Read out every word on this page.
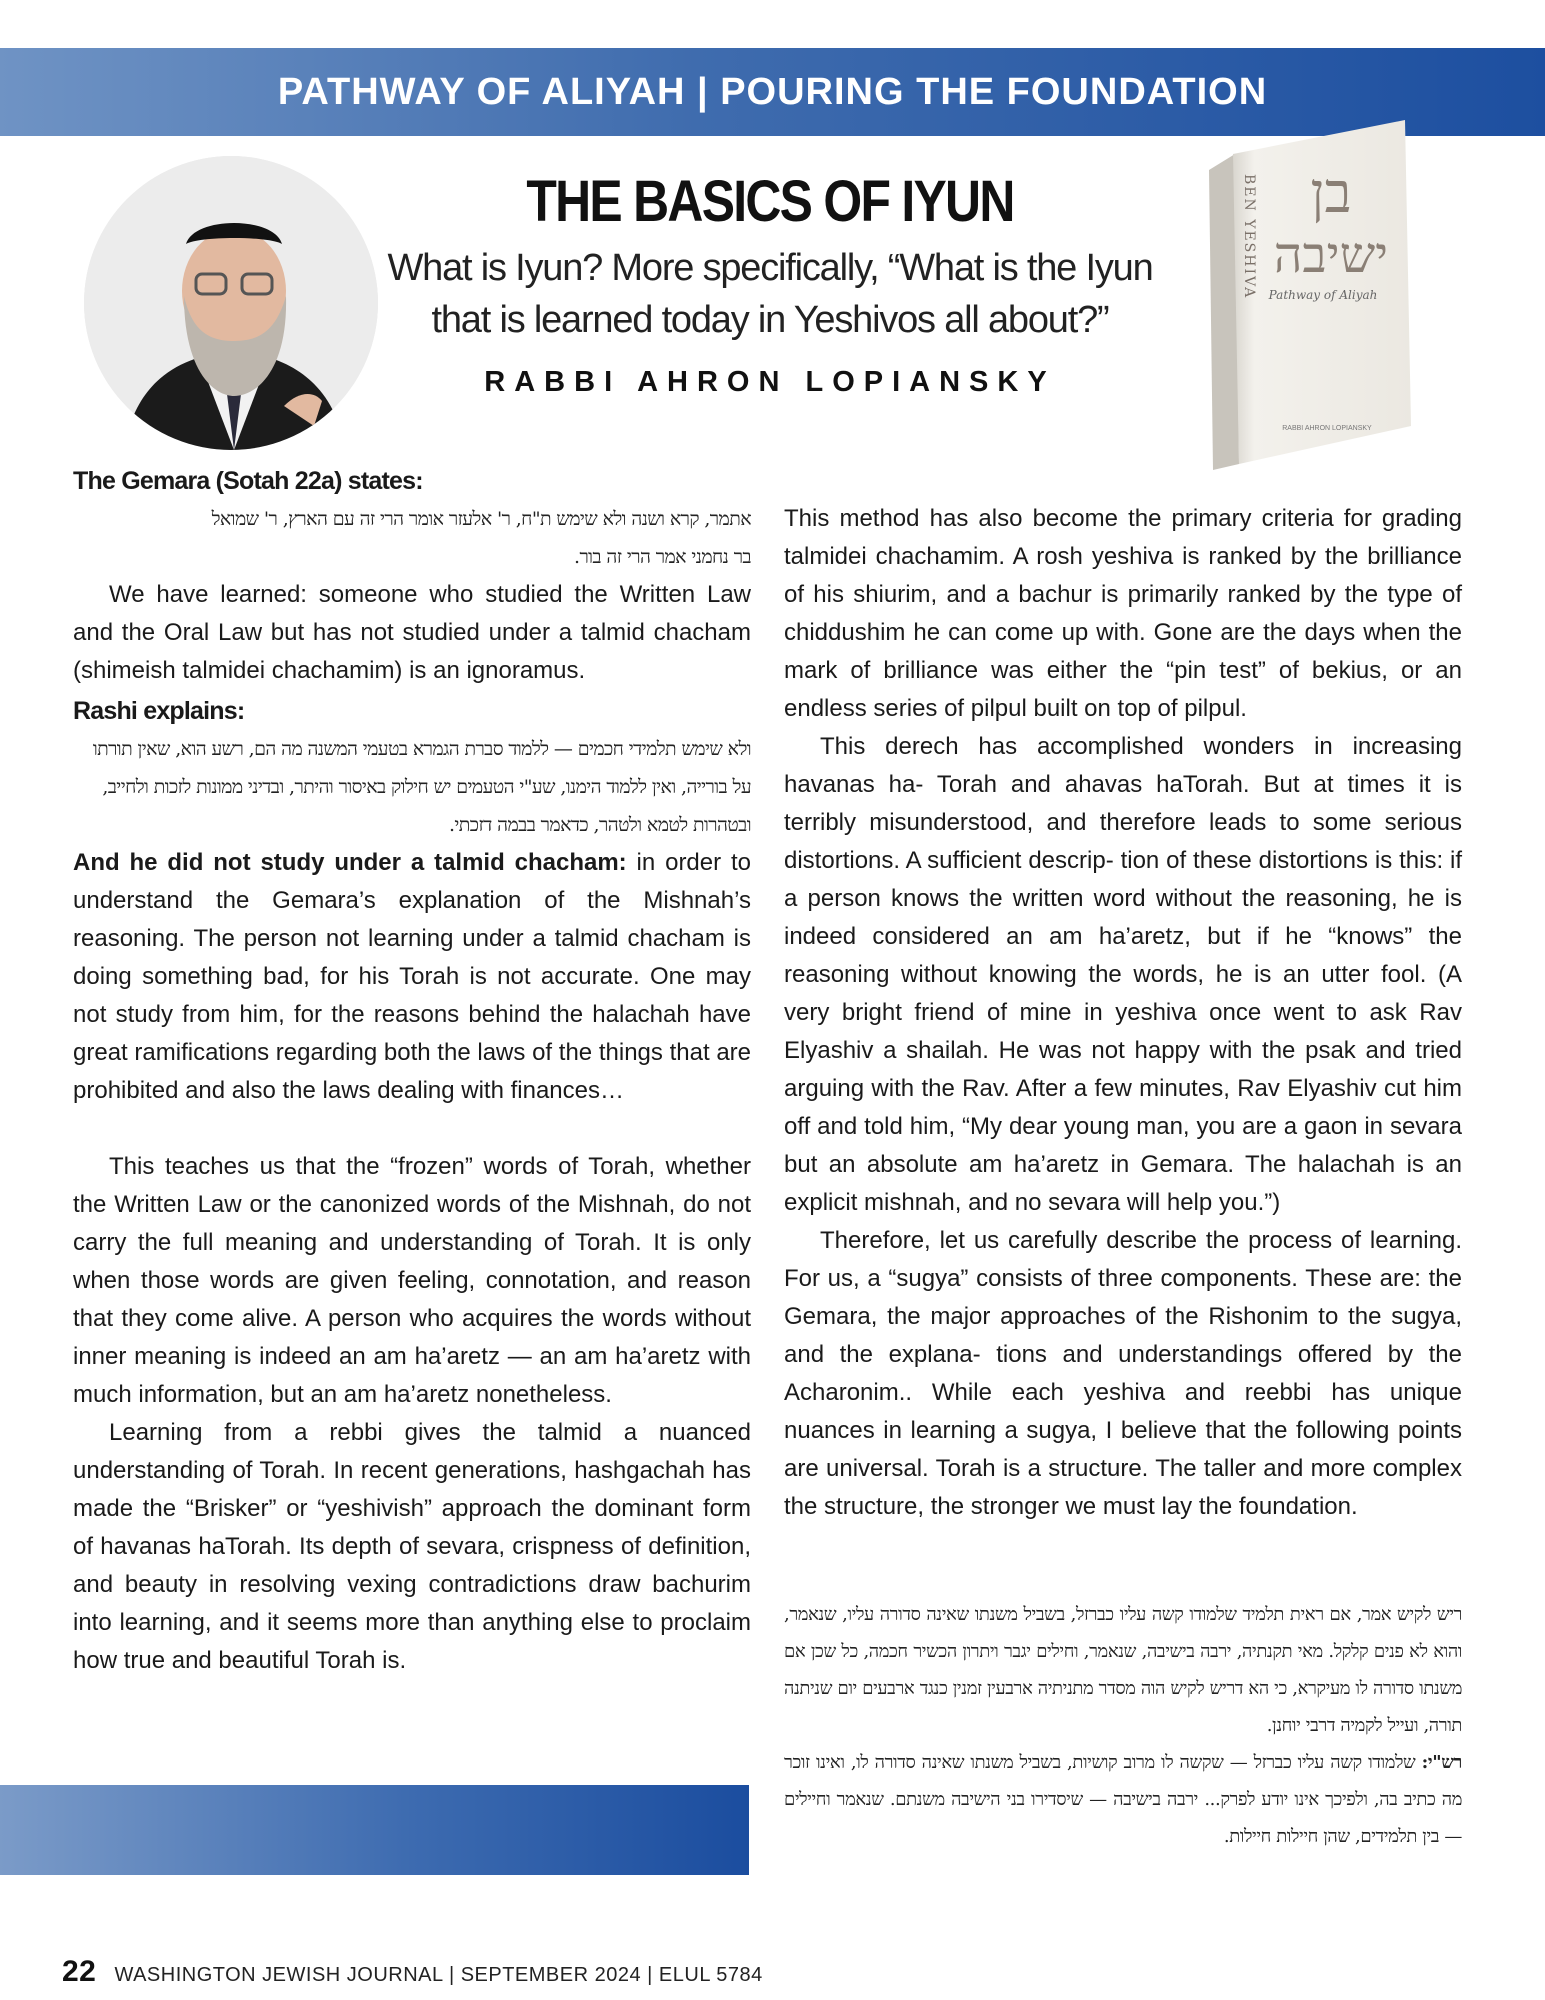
PATHWAY OF ALIYAH | POURING THE FOUNDATION
THE BASICS OF IYUN
What is Iyun? More specifically, “What is the Iyun
that is learned today in Yeshivos all about?”
RABBI AHRON LOPIANSKY
בן
ישיבה
Pathway of Aliyah
BEN YESHIVA
RABBI AHRON LOPIANSKY
The Gemara (Sotah 22a) states:

אתמר, קרא ושנה ולא שימש ת"ח, ר' אלעזר אומר הרי זה עם הארץ, ר' שמואל

בר נחמני אמר הרי זה בור.

We have learned: someone who studied the Written Law and the Oral Law but has not studied under a talmid chacham (shimeish talmidei chachamim) is an ignoramus.

Rashi explains:

ולא שימש תלמידי חכמים — ללמוד סברת הגמרא בטעמי המשנה מה הם, רשע הוא, שאין תורתו

על בורייה, ואין ללמוד הימנו, שע"י הטעמים יש חילוק באיסור והיתר, ובדיני ממונות לזכות ולחייב,

ובטהרות לטמא ולטהר, כדאמר בבמה דזכתי.

And he did not study under a talmid chacham: in order to understand the Gemara’s explanation of the Mishnah’s reasoning. The person not learning under a talmid chacham is doing something bad, for his Torah is not accurate. One may not study from him, for the reasons behind the halachah have great ramifications regarding both the laws of the things that are prohibited and also the laws dealing with finances…

This teaches us that the “frozen” words of Torah, whether the Written Law or the canonized words of the Mishnah, do not carry the full meaning and understanding of Torah. It is only when those words are given feeling, connotation, and reason that they come alive. A person who acquires the words without inner meaning is indeed an am ha’aretz — an am ha’aretz with much information, but an am ha’aretz nonetheless.

Learning from a rebbi gives the talmid a nuanced understanding of Torah. In recent generations, hashgachah has made the “Brisker” or “yeshivish” approach the dominant form of havanas haTorah. Its depth of sevara, crispness of definition, and beauty in resolving vexing contradictions draw bachurim into learning, and it seems more than anything else to proclaim how true and beautiful Torah is.

This method has also become the primary criteria for grading talmidei chachamim. A rosh yeshiva is ranked by the brilliance of his shiurim, and a bachur is primarily ranked by the type of chiddushim he can come up with. Gone are the days when the mark of brilliance was either the “pin test” of bekius, or an endless series of pilpul built on top of pilpul.

This derech has accomplished wonders in increasing havanas ha- Torah and ahavas haTorah. But at times it is terribly misunderstood, and therefore leads to some serious distortions. A sufficient descrip- tion of these distortions is this: if a person knows the written word without the reasoning, he is indeed considered an am ha’aretz, but if he “knows” the reasoning without knowing the words, he is an utter fool. (A very bright friend of mine in yeshiva once went to ask Rav Elyashiv a shailah. He was not happy with the psak and tried arguing with the Rav. After a few minutes, Rav Elyashiv cut him off and told him, “My dear young man, you are a gaon in sevara but an absolute am ha’aretz in Gemara. The halachah is an explicit mishnah, and no sevara will help you.”)

Therefore, let us carefully describe the process of learning. For us, a “sugya” consists of three components. These are: the Gemara, the major approaches of the Rishonim to the sugya, and the explana- tions and understandings offered by the Acharonim.. While each yeshiva and reebbi has unique nuances in learning a sugya, I believe that the following points are universal. Torah is a structure. The taller and more complex the structure, the stronger we must lay the foundation.

ריש לקיש אמר, אם ראית תלמיד שלמודו קשה עליו כברזל, בשביל משנתו שאינה סדורה עליו, שנאמר, והוא לא פנים קלקל. מאי תקנתיה, ירבה בישיבה, שנאמר, וחילים יגבר ויתרון הכשיר חכמה, כל שכן אם משנתו סדורה לו מעיקרא, כי הא דריש לקיש הוה מסדר מתניתיה ארבעין זמנין כנגד ארבעים יום שניתנה תורה, ועייל לקמיה דרבי יוחנן.

רש"י: שלמודו קשה עליו כברזל — שקשה לו מרוב קושיות, בשביל משנתו שאינה סדורה לו, ואינו זוכר מה כתיב בה, ולפיכך אינו יודע לפרק... ירבה בישיבה — שיסדירו בני הישיבה משנתם. שנאמר וחיילים — בין תלמידים, שהן חיילות חיילות.

22 WASHINGTON JEWISH JOURNAL | SEPTEMBER 2024 | ELUL 5784
